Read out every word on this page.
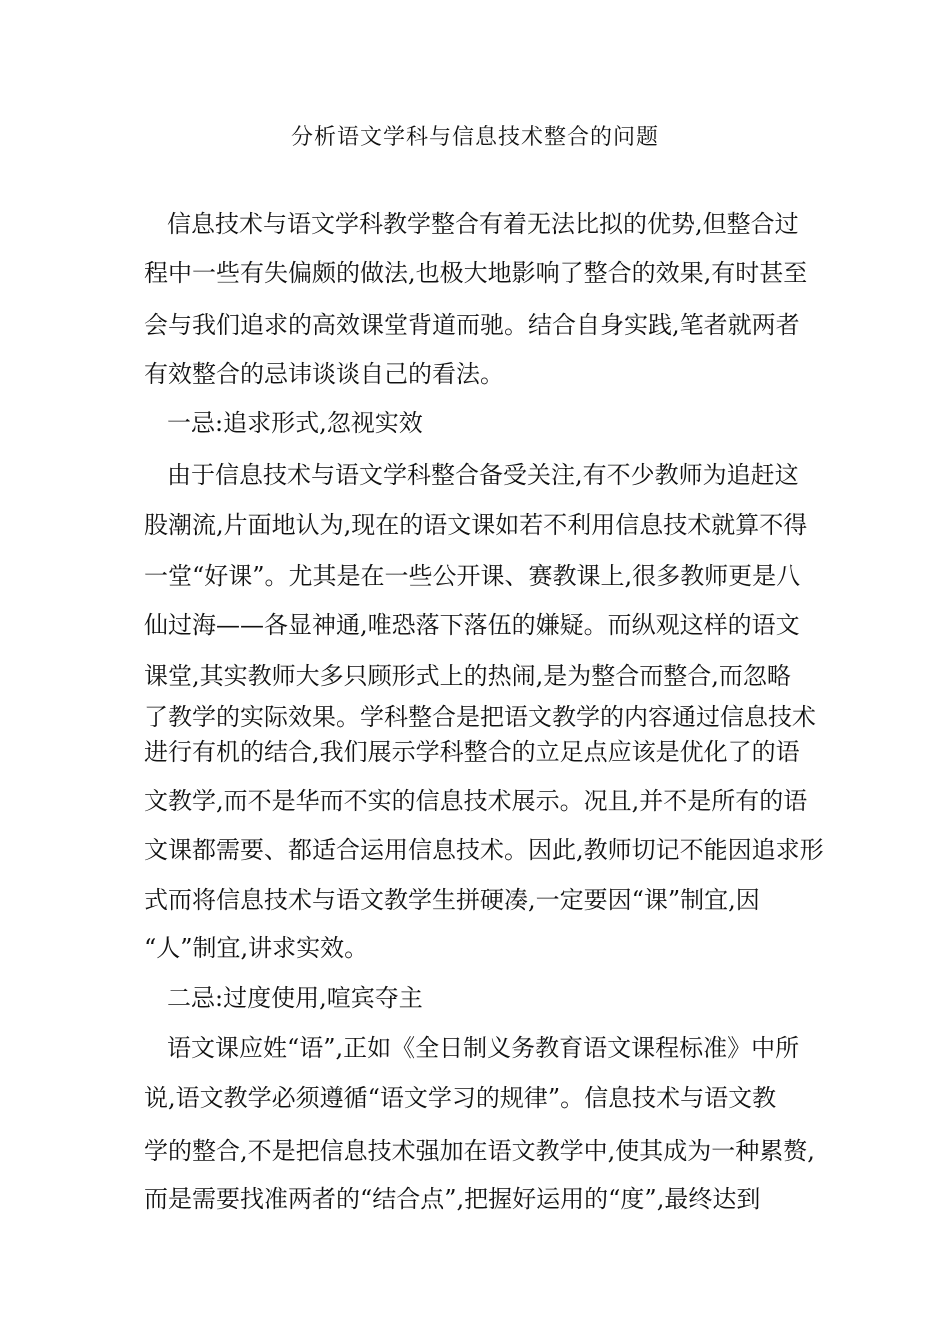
分析语文学科与信息技术整合的问题
信息技术与语文学科教学整合有着无法比拟的优势,但整合过
程中一些有失偏颇的做法,也极大地影响了整合的效果,有时甚至
会与我们追求的高效课堂背道而驰。结合自身实践,笔者就两者
有效整合的忌讳谈谈自己的看法。
一忌:追求形式,忽视实效
由于信息技术与语文学科整合备受关注,有不少教师为追赶这
股潮流,片面地认为,现在的语文课如若不利用信息技术就算不得
一堂“好课”。尤其是在一些公开课、赛教课上,很多教师更是八
仙过海——各显神通,唯恐落下落伍的嫌疑。而纵观这样的语文
课堂,其实教师大多只顾形式上的热闹,是为整合而整合,而忽略
了教学的实际效果。学科整合是把语文教学的内容通过信息技术
进行有机的结合,我们展示学科整合的立足点应该是优化了的语
文教学,而不是华而不实的信息技术展示。况且,并不是所有的语
文课都需要、都适合运用信息技术。因此,教师切记不能因追求形
式而将信息技术与语文教学生拼硬凑,一定要因“课”制宜,因
“人”制宜,讲求实效。
二忌:过度使用,喧宾夺主
语文课应姓“语”,正如《全日制义务教育语文课程标准》中所
说,语文教学必须遵循“语文学习的规律”。信息技术与语文教
学的整合,不是把信息技术强加在语文教学中,使其成为一种累赘,
而是需要找准两者的“结合点”,把握好运用的“度”,最终达到
